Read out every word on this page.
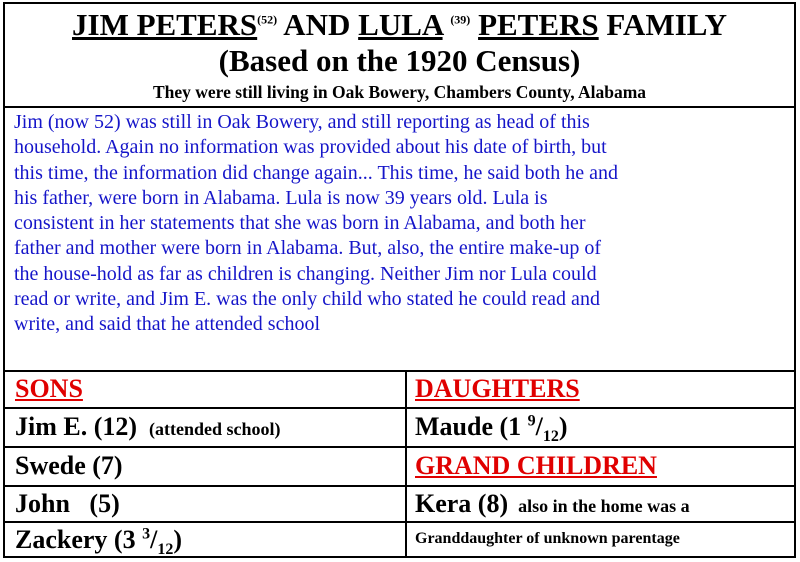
JIM PETERS$^{(52)}$ AND LULA $^{(39)}$ PETERS FAMILY
(Based on the 1920 Census)
They were still living in Oak Bowery, Chambers County, Alabama

Jim (now 52) was still in Oak Bowery, and still reporting as head of this

household. Again no information was provided about his date of birth, but

this time, the information did change again... This time, he said both he and

his father, were born in Alabama. Lula is now 39 years old. Lula is

consistent in her statements that she was born in Alabama, and both her

father and mother were born in Alabama. But, also, the entire make-up of

the house-hold as far as children is changing. Neither Jim nor Lula could

read or write, and Jim E. was the only child who stated he could read and

write, and said that he attended school

SONS	DAUGHTERS
Jim E. (12) (attended school)	Maude (1 $^9/_{12}$)
Swede (7)	GRAND CHILDREN
John   (5)	Kera (8) also in the home was a
Zackery (3 $^3/_{12}$)	Granddaughter of unknown parentage
